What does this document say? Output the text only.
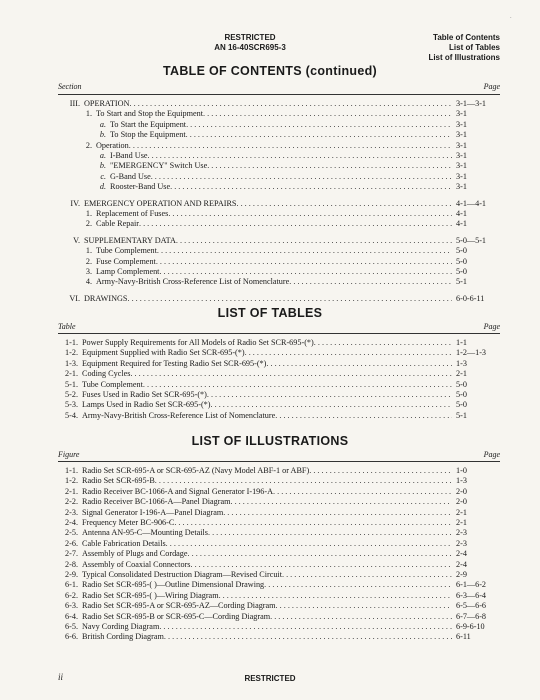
·
RESTRICTED
AN 16-40SCR695-3
Table of Contents
List of Tables
List of Illustrations
TABLE OF CONTENTS (continued)
Section	Page
III. OPERATION . . .	3-1—3-1
1. To Start and Stop the Equipment . . .	3-1
a. To Start the Equipment . . .	3-1
b. To Stop the Equipment . . .	3-1
2. Operation . . .	3-1
a. I-Band Use . . .	3-1
b. "EMERGENCY" Switch Use . . .	3-1
c. G-Band Use . . .	3-1
d. Rooster-Band Use . . .	3-1
IV. EMERGENCY OPERATION AND REPAIRS . . .	4-1—4-1
1. Replacement of Fuses . . .	4-1
2. Cable Repair . . .	4-1
V. SUPPLEMENTARY DATA . . .	5-0—5-1
1. Tube Complement . . .	5-0
2. Fuse Complement . . .	5-0
3. Lamp Complement . . .	5-0
4. Army-Navy-British Cross-Reference List of Nomenclature . . .	5-1
VI. DRAWINGS . . .	6-0-6-11
LIST OF TABLES
Table	Page
1-1. Power Supply Requirements for All Models of Radio Set SCR-695-(*) . . .	1-1
1-2. Equipment Supplied with Radio Set SCR-695-(*) . . .	1-2—1-3
1-3. Equipment Required for Testing Radio Set SCR-695-(*) . . .	1-3
2-1. Coding Cycles . . .	2-1
5-1. Tube Complement . . .	5-0
5-2. Fuses Used in Radio Set SCR-695-(*) . . .	5-0
5-3. Lamps Used in Radio Set SCR-695-(*) . . .	5-0
5-4. Army-Navy-British Cross-Reference List of Nomenclature . . .	5-1
LIST OF ILLUSTRATIONS
Figure	Page
1-1. Radio Set SCR-695-A or SCR-695-AZ (Navy Model ABF-1 or ABF) . . .	1-0
1-2. Radio Set SCR-695-B . . .	1-3
2-1. Radio Receiver BC-1066-A and Signal Generator I-196-A . . .	2-0
2-2. Radio Receiver BC-1066-A—Panel Diagram . . .	2-0
2-3. Signal Generator I-196-A—Panel Diagram . . .	2-1
2-4. Frequency Meter BC-906-C . . .	2-1
2-5. Antenna AN-95-C—Mounting Details . . .	2-3
2-6. Cable Fabrication Details . . .	2-3
2-7. Assembly of Plugs and Cordage . . .	2-4
2-8. Assembly of Coaxial Connectors . . .	2-4
2-9. Typical Consolidated Destruction Diagram—Revised Circuit . . .	2-9
6-1. Radio Set SCR-695-( )—Outline Dimensional Drawing . . .	6-1—6-2
6-2. Radio Set SCR-695-( )—Wiring Diagram . . .	6-3—6-4
6-3. Radio Set SCR-695-A or SCR-695-AZ—Cording Diagram . . .	6-5—6-6
6-4. Radio Set SCR-695-B or SCR-695-C—Cording Diagram . . .	6-7—6-8
6-5. Navy Cording Diagram . . .	6-9-6-10
6-6. British Cording Diagram . . .	6-11
ii	RESTRICTED
